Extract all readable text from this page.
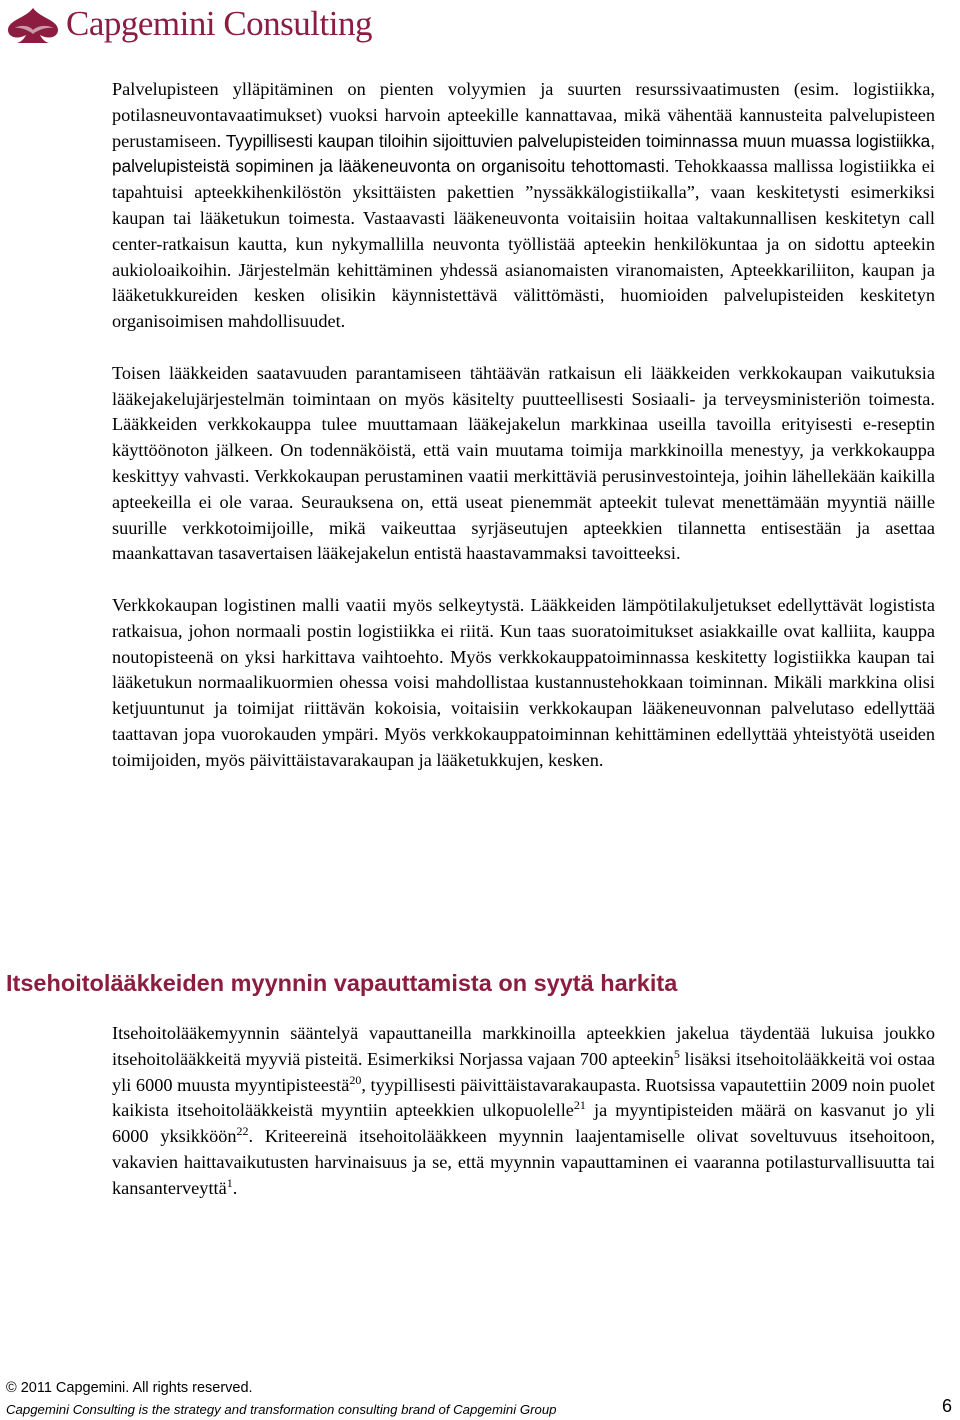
Capgemini Consulting

Palvelupisteen ylläpitäminen on pienten volyymien ja suurten resurssivaatimusten (esim. logistiikka, potilasneuvontavaatimukset) vuoksi harvoin apteekille kannattavaa, mikä vähentää kannusteita palvelupisteen perustamiseen. Tyypillisesti kaupan tiloihin sijoittuvien palvelupisteiden toiminnassa muun muassa logistiikka, palvelupisteistä sopiminen ja lääkeneuvonta on organisoitu tehottomasti. Tehokkaassa mallissa logistiikka ei tapahtuisi apteekkihenkilöstön yksittäisten pakettien ”nyssäkkälogistiikalla”, vaan keskitetysti esimerkiksi kaupan tai lääketukun toimesta. Vastaavasti lääkeneuvonta voitaisiin hoitaa valtakunnallisen keskitetyn call center-ratkaisun kautta, kun nykymallilla neuvonta työllistää apteekin henkilökuntaa ja on sidottu apteekin aukioloaikoihin. Järjestelmän kehittäminen yhdessä asianomaisten viranomaisten, Apteekkariliiton, kaupan ja lääketukkureiden kesken olisikin käynnistettävä välittömästi, huomioiden palvelupisteiden keskitetyn organisoimisen mahdollisuudet.

Toisen lääkkeiden saatavuuden parantamiseen tähtäävän ratkaisun eli lääkkeiden verkkokaupan vaikutuksia lääkejakelujärjestelmän toimintaan on myös käsitelty puutteellisesti Sosiaali- ja terveysministeriön toimesta. Lääkkeiden verkkokauppa tulee muuttamaan lääkejakelun markkinaa useilla tavoilla erityisesti e-reseptin käyttöönoton jälkeen. On todennäköistä, että vain muutama toimija markkinoilla menestyy, ja verkkokauppa keskittyy vahvasti. Verkkokaupan perustaminen vaatii merkittäviä perusinvestointeja, joihin lähellekään kaikilla apteekeilla ei ole varaa. Seurauksena on, että useat pienemmät apteekit tulevat menettämään myyntiä näille suurille verkkotoimijoille, mikä vaikeuttaa syrjäseutujen apteekkien tilannetta entisestään ja asettaa maankattavan tasavertaisen lääkejakelun entistä haastavammaksi tavoitteeksi.

Verkkokaupan logistinen malli vaatii myös selkeytystä. Lääkkeiden lämpötilakuljetukset edellyttävät logistista ratkaisua, johon normaali postin logistiikka ei riitä. Kun taas suoratoimitukset asiakkaille ovat kalliita, kauppa noutopisteenä on yksi harkittava vaihtoehto. Myös verkkokauppatoiminnassa keskitetty logistiikka kaupan tai lääketukun normaalikuormien ohessa voisi mahdollistaa kustannustehokkaan toiminnan. Mikäli markkina olisi ketjuuntunut ja toimijat riittävän kokoisia, voitaisiin verkkokaupan lääkeneuvonnan palvelutaso edellyttää taattavan jopa vuorokauden ympäri. Myös verkkokauppatoiminnan kehittäminen edellyttää yhteistyötä useiden toimijoiden, myös päivittäistavarakaupan ja lääketukkujen, kesken.

Itsehoitolääkkeiden myynnin vapauttamista on syytä harkita

Itsehoitolääkemyynnin sääntelyä vapauttaneilla markkinoilla apteekkien jakelua täydentää lukuisa joukko itsehoitolääkkeitä myyviä pisteitä. Esimerkiksi Norjassa vajaan 700 apteekin$^5$ lisäksi itsehoitolääkkeitä voi ostaa yli 6000 muusta myyntipisteestä$^{20}$, tyypillisesti päivittäistavarakaupasta. Ruotsissa vapautettiin 2009 noin puolet kaikista itsehoitolääkkeistä myyntiin apteekkien ulkopuolelle$^{21}$ ja myyntipisteiden määrä on kasvanut jo yli 6000 yksikköön$^{22}$. Kriteereinä itsehoitolääkkeen myynnin laajentamiselle olivat soveltuvuus itsehoitoon, vakavien haittavaikutusten harvinaisuus ja se, että myynnin vapauttaminen ei vaaranna potilasturvallisuutta tai kansanterveyttä$^1$.

© 2011 Capgemini. All rights reserved.
Capgemini Consulting is the strategy and transformation consulting brand of Capgemini Group	6
